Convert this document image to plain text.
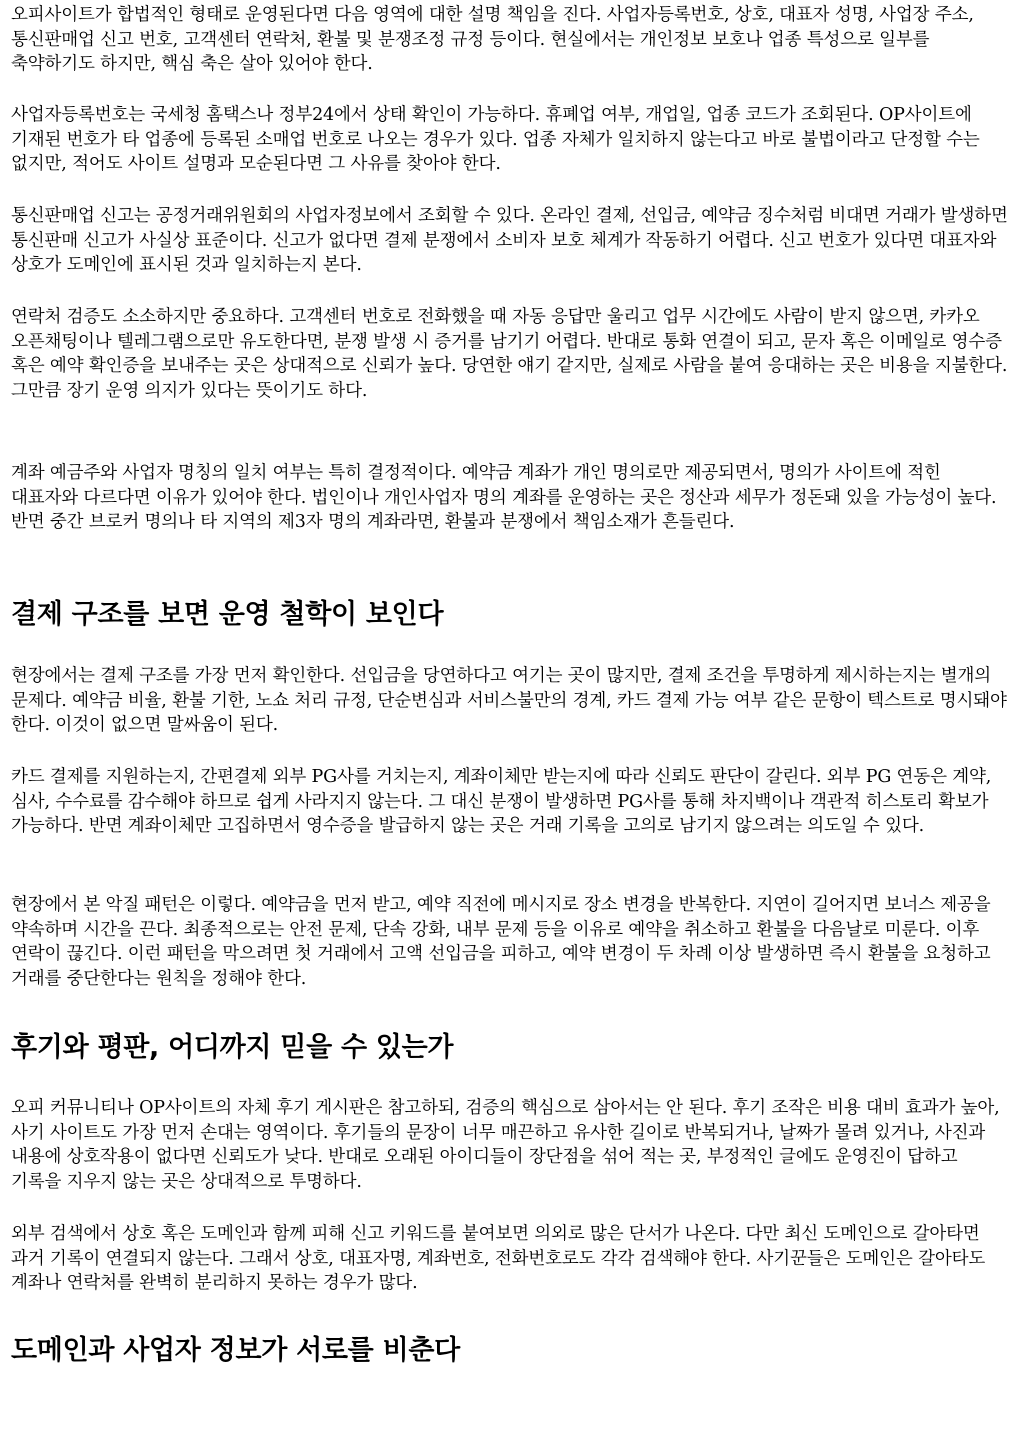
오피사이트가 합법적인 형태로 운영된다면 다음 영역에 대한 설명 책임을 진다. 사업자등록번호, 상호, 대표자 성명, 사업장 주소, 통신판매업 신고 번호, 고객센터 연락처, 환불 및 분쟁조정 규정 등이다. 현실에서는 개인정보 보호나 업종 특성으로 일부를 축약하기도 하지만, 핵심 축은 살아 있어야 한다.

사업자등록번호는 국세청 홈택스나 정부24에서 상태 확인이 가능하다. 휴폐업 여부, 개업일, 업종 코드가 조회된다. OP사이트에 기재된 번호가 타 업종에 등록된 소매업 번호로 나오는 경우가 있다. 업종 자체가 일치하지 않는다고 바로 불법이라고 단정할 수는 없지만, 적어도 사이트 설명과 모순된다면 그 사유를 찾아야 한다.

통신판매업 신고는 공정거래위원회의 사업자정보에서 조회할 수 있다. 온라인 결제, 선입금, 예약금 징수처럼 비대면 거래가 발생하면 통신판매 신고가 사실상 표준이다. 신고가 없다면 결제 분쟁에서 소비자 보호 체계가 작동하기 어렵다. 신고 번호가 있다면 대표자와 상호가 도메인에 표시된 것과 일치하는지 본다.

연락처 검증도 소소하지만 중요하다. 고객센터 번호로 전화했을 때 자동 응답만 울리고 업무 시간에도 사람이 받지 않으면, 카카오 오픈채팅이나 텔레그램으로만 유도한다면, 분쟁 발생 시 증거를 남기기 어렵다. 반대로 통화 연결이 되고, 문자 혹은 이메일로 영수증 혹은 예약 확인증을 보내주는 곳은 상대적으로 신뢰가 높다. 당연한 얘기 같지만, 실제로 사람을 붙여 응대하는 곳은 비용을 지불한다. 그만큼 장기 운영 의지가 있다는 뜻이기도 하다.

계좌 예금주와 사업자 명칭의 일치 여부는 특히 결정적이다. 예약금 계좌가 개인 명의로만 제공되면서, 명의가 사이트에 적힌 대표자와 다르다면 이유가 있어야 한다. 법인이나 개인사업자 명의 계좌를 운영하는 곳은 정산과 세무가 정돈돼 있을 가능성이 높다. 반면 중간 브로커 명의나 타 지역의 제3자 명의 계좌라면, 환불과 분쟁에서 책임소재가 흔들린다.

결제 구조를 보면 운영 철학이 보인다

현장에서는 결제 구조를 가장 먼저 확인한다. 선입금을 당연하다고 여기는 곳이 많지만, 결제 조건을 투명하게 제시하는지는 별개의 문제다. 예약금 비율, 환불 기한, 노쇼 처리 규정, 단순변심과 서비스불만의 경계, 카드 결제 가능 여부 같은 문항이 텍스트로 명시돼야 한다. 이것이 없으면 말싸움이 된다.

카드 결제를 지원하는지, 간편결제 외부 PG사를 거치는지, 계좌이체만 받는지에 따라 신뢰도 판단이 갈린다. 외부 PG 연동은 계약, 심사, 수수료를 감수해야 하므로 쉽게 사라지지 않는다. 그 대신 분쟁이 발생하면 PG사를 통해 차지백이나 객관적 히스토리 확보가 가능하다. 반면 계좌이체만 고집하면서 영수증을 발급하지 않는 곳은 거래 기록을 고의로 남기지 않으려는 의도일 수 있다.

현장에서 본 악질 패턴은 이렇다. 예약금을 먼저 받고, 예약 직전에 메시지로 장소 변경을 반복한다. 지연이 길어지면 보너스 제공을 약속하며 시간을 끈다. 최종적으로는 안전 문제, 단속 강화, 내부 문제 등을 이유로 예약을 취소하고 환불을 다음날로 미룬다. 이후 연락이 끊긴다. 이런 패턴을 막으려면 첫 거래에서 고액 선입금을 피하고, 예약 변경이 두 차례 이상 발생하면 즉시 환불을 요청하고 거래를 중단한다는 원칙을 정해야 한다.

후기와 평판, 어디까지 믿을 수 있는가

오피 커뮤니티나 OP사이트의 자체 후기 게시판은 참고하되, 검증의 핵심으로 삼아서는 안 된다. 후기 조작은 비용 대비 효과가 높아, 사기 사이트도 가장 먼저 손대는 영역이다. 후기들의 문장이 너무 매끈하고 유사한 길이로 반복되거나, 날짜가 몰려 있거나, 사진과 내용에 상호작용이 없다면 신뢰도가 낮다. 반대로 오래된 아이디들이 장단점을 섞어 적는 곳, 부정적인 글에도 운영진이 답하고 기록을 지우지 않는 곳은 상대적으로 투명하다.

외부 검색에서 상호 혹은 도메인과 함께 피해 신고 키워드를 붙여보면 의외로 많은 단서가 나온다. 다만 최신 도메인으로 갈아타면 과거 기록이 연결되지 않는다. 그래서 상호, 대표자명, 계좌번호, 전화번호로도 각각 검색해야 한다. 사기꾼들은 도메인은 갈아타도 계좌나 연락처를 완벽히 분리하지 못하는 경우가 많다.

도메인과 사업자 정보가 서로를 비춘다
